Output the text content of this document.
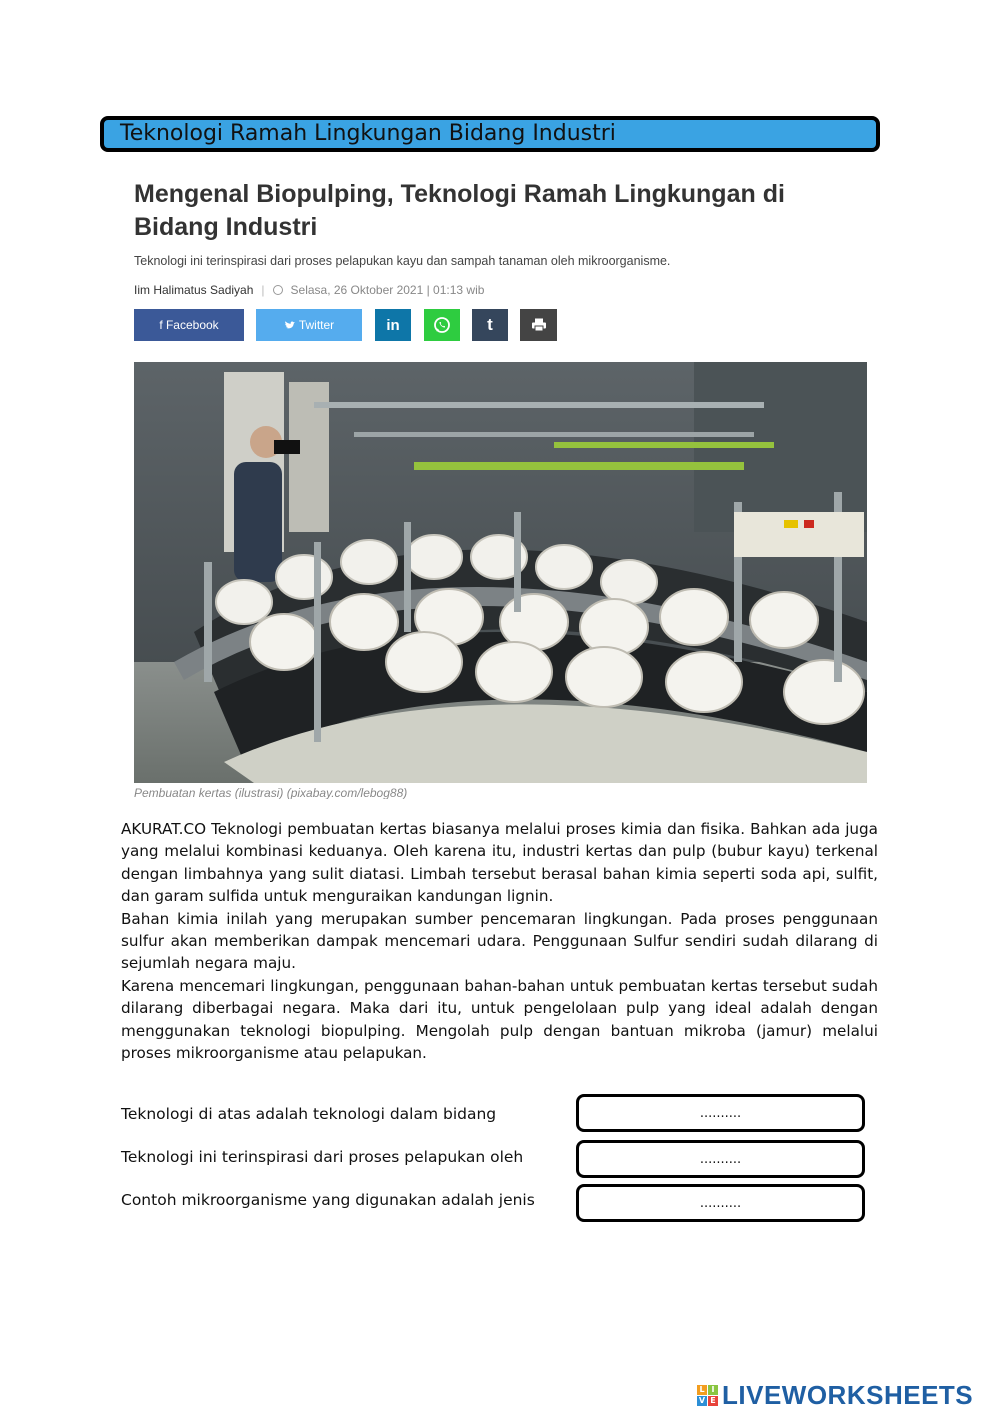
Teknologi Ramah Lingkungan Bidang Industri
Mengenal Biopulping, Teknologi Ramah Lingkungan di Bidang Industri
Teknologi ini terinspirasi dari proses pelapukan kayu dan sampah tanaman oleh mikroorganisme.
Iim Halimatus Sadiyah | Selasa, 26 Oktober 2021 | 01:13 wib
f Facebook	Twitter	in	t
Pembuatan kertas (ilustrasi) (pixabay.com/lebog88)

AKURAT.CO Teknologi pembuatan kertas biasanya melalui proses kimia dan fisika. Bahkan ada juga yang melalui kombinasi keduanya. Oleh karena itu, industri kertas dan pulp (bubur kayu) terkenal dengan limbahnya yang sulit diatasi. Limbah tersebut berasal bahan kimia seperti soda api, sulfit, dan garam sulfida untuk menguraikan kandungan lignin.

Bahan kimia inilah yang merupakan sumber pencemaran lingkungan. Pada proses penggunaan sulfur akan memberikan dampak mencemari udara. Penggunaan Sulfur sendiri sudah dilarang di sejumlah negara maju.

Karena mencemari lingkungan, penggunaan bahan-bahan untuk pembuatan kertas tersebut sudah dilarang diberbagai negara. Maka dari itu, untuk pengelolaan pulp yang ideal adalah dengan menggunakan teknologi biopulping. Mengolah pulp dengan bantuan mikroba (jamur) melalui proses mikroorganisme atau pelapukan.

Teknologi di atas adalah teknologi dalam bidang	..........
Teknologi ini terinspirasi dari proses pelapukan oleh	..........
Contoh mikroorganisme yang digunakan adalah jenis	..........
L I
V E LIVEWORKSHEETS
